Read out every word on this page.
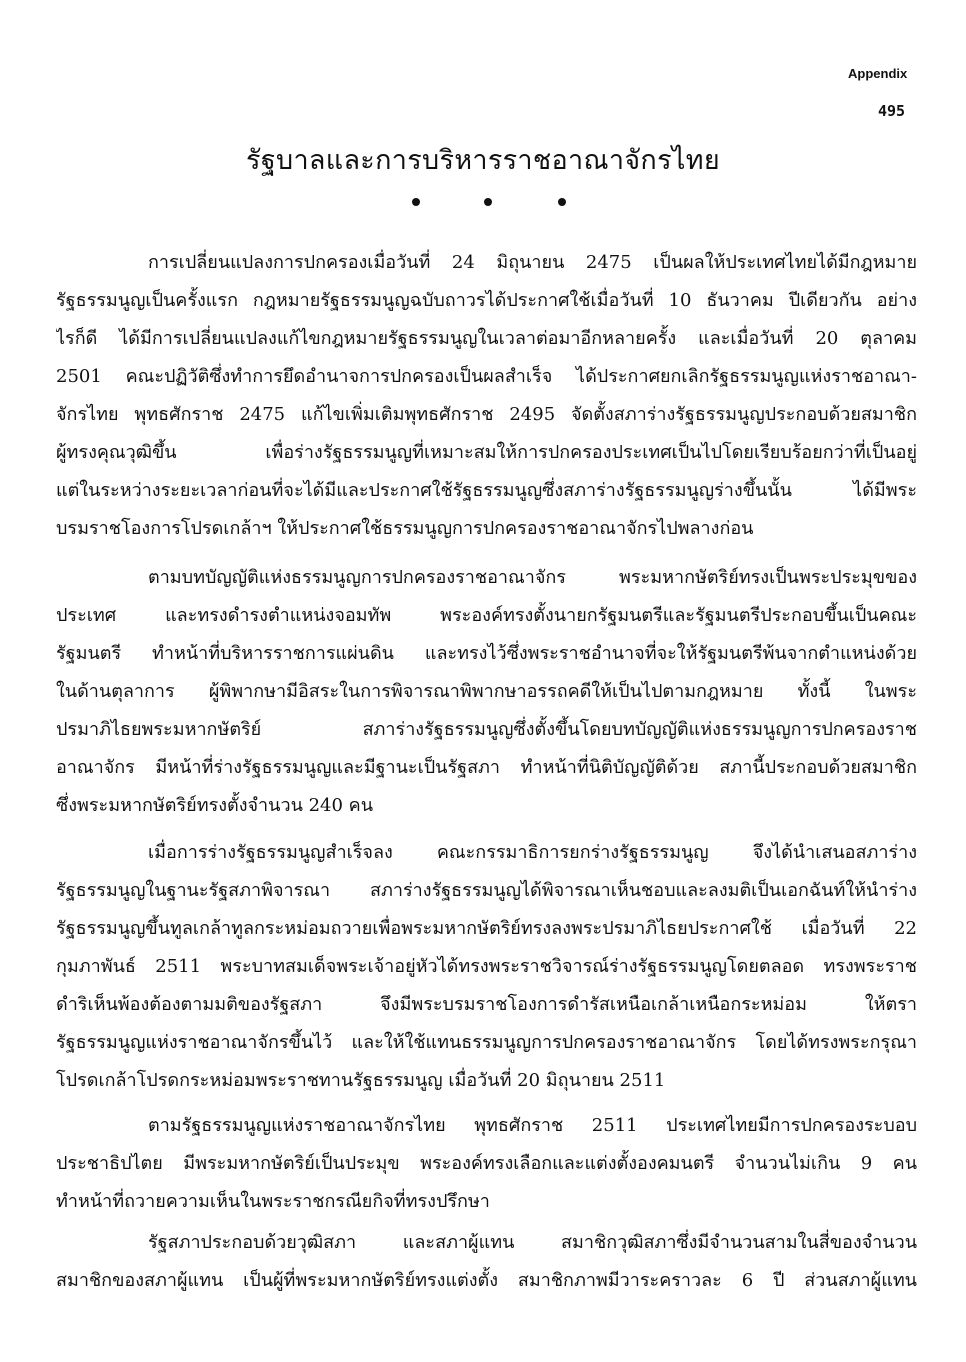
Appendix
495
รัฐบาลและการบริหารราชอาณาจักรไทย
การเปลี่ยนแปลงการปกครองเมื่อวันที่ 24 มิถุนายน 2475 เป็นผลให้ประเทศไทยได้มีกฎหมาย
รัฐธรรมนูญเป็นครั้งแรก กฎหมายรัฐธรรมนูญฉบับถาวรได้ประกาศใช้เมื่อวันที่ 10 ธันวาคม ปีเดียวกัน อย่าง
ไรก็ดี ได้มีการเปลี่ยนแปลงแก้ไขกฎหมายรัฐธรรมนูญในเวลาต่อมาอีกหลายครั้ง และเมื่อวันที่ 20 ตุลาคม
2501 คณะปฏิวัติซึ่งทำการยึดอำนาจการปกครองเป็นผลสำเร็จ ได้ประกาศยกเลิกรัฐธรรมนูญแห่งราชอาณา-
จักรไทย พุทธศักราช 2475 แก้ไขเพิ่มเติมพุทธศักราช 2495 จัดตั้งสภาร่างรัฐธรรมนูญประกอบด้วยสมาชิก
ผู้ทรงคุณวุฒิขึ้น เพื่อร่างรัฐธรรมนูญที่เหมาะสมให้การปกครองประเทศเป็นไปโดยเรียบร้อยกว่าที่เป็นอยู่
แต่ในระหว่างระยะเวลาก่อนที่จะได้มีและประกาศใช้รัฐธรรมนูญซึ่งสภาร่างรัฐธรรมนูญร่างขึ้นนั้น ได้มีพระ
บรมราชโองการโปรดเกล้าฯ ให้ประกาศใช้ธรรมนูญการปกครองราชอาณาจักรไปพลางก่อน
ตามบทบัญญัติแห่งธรรมนูญการปกครองราชอาณาจักร พระมหากษัตริย์ทรงเป็นพระประมุขของ
ประเทศ และทรงดำรงตำแหน่งจอมทัพ พระองค์ทรงตั้งนายกรัฐมนตรีและรัฐมนตรีประกอบขึ้นเป็นคณะ
รัฐมนตรี ทำหน้าที่บริหารราชการแผ่นดิน และทรงไว้ซึ่งพระราชอำนาจที่จะให้รัฐมนตรีพ้นจากตำแหน่งด้วย
ในด้านตุลาการ ผู้พิพากษามีอิสระในการพิจารณาพิพากษาอรรถคดีให้เป็นไปตามกฎหมาย ทั้งนี้ ในพระ
ปรมาภิไธยพระมหากษัตริย์ สภาร่างรัฐธรรมนูญซึ่งตั้งขึ้นโดยบทบัญญัติแห่งธรรมนูญการปกครองราช
อาณาจักร มีหน้าที่ร่างรัฐธรรมนูญและมีฐานะเป็นรัฐสภา ทำหน้าที่นิติบัญญัติด้วย สภานี้ประกอบด้วยสมาชิก
ซึ่งพระมหากษัตริย์ทรงตั้งจำนวน 240 คน
เมื่อการร่างรัฐธรรมนูญสำเร็จลง คณะกรรมาธิการยกร่างรัฐธรรมนูญ จึงได้นำเสนอสภาร่าง
รัฐธรรมนูญในฐานะรัฐสภาพิจารณา สภาร่างรัฐธรรมนูญได้พิจารณาเห็นชอบและลงมติเป็นเอกฉันท์ให้นำร่าง
รัฐธรรมนูญขึ้นทูลเกล้าทูลกระหม่อมถวายเพื่อพระมหากษัตริย์ทรงลงพระปรมาภิไธยประกาศใช้ เมื่อวันที่ 22
กุมภาพันธ์ 2511 พระบาทสมเด็จพระเจ้าอยู่หัวได้ทรงพระราชวิจารณ์ร่างรัฐธรรมนูญโดยตลอด ทรงพระราช
ดำริเห็นพ้องต้องตามมติของรัฐสภา จึงมีพระบรมราชโองการดำรัสเหนือเกล้าเหนือกระหม่อม ให้ตรา
รัฐธรรมนูญแห่งราชอาณาจักรขึ้นไว้ และให้ใช้แทนธรรมนูญการปกครองราชอาณาจักร โดยได้ทรงพระกรุณา
โปรดเกล้าโปรดกระหม่อมพระราชทานรัฐธรรมนูญ เมื่อวันที่ 20 มิถุนายน 2511
ตามรัฐธรรมนูญแห่งราชอาณาจักรไทย พุทธศักราช 2511 ประเทศไทยมีการปกครองระบอบ
ประชาธิปไตย มีพระมหากษัตริย์เป็นประมุข พระองค์ทรงเลือกและแต่งตั้งองคมนตรี จำนวนไม่เกิน 9 คน
ทำหน้าที่ถวายความเห็นในพระราชกรณียกิจที่ทรงปรึกษา
รัฐสภาประกอบด้วยวุฒิสภา และสภาผู้แทน สมาชิกวุฒิสภาซึ่งมีจำนวนสามในสี่ของจำนวน
สมาชิกของสภาผู้แทน เป็นผู้ที่พระมหากษัตริย์ทรงแต่งตั้ง สมาชิกภาพมีวาระคราวละ 6 ปี ส่วนสภาผู้แทน
